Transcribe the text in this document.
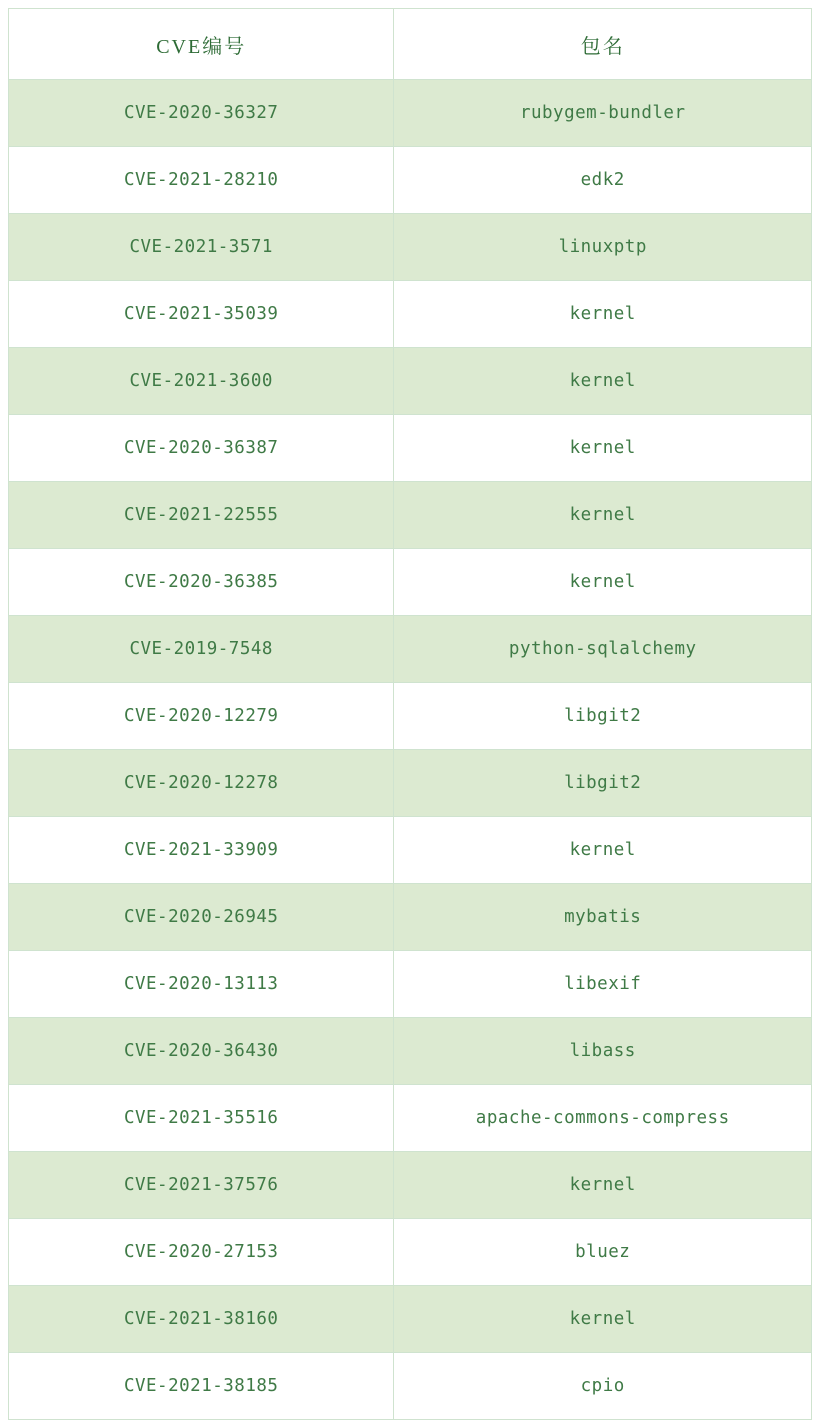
CVE编号	包名
CVE-2020-36327	rubygem-bundler
CVE-2021-28210	edk2
CVE-2021-3571	linuxptp
CVE-2021-35039	kernel
CVE-2021-3600	kernel
CVE-2020-36387	kernel
CVE-2021-22555	kernel
CVE-2020-36385	kernel
CVE-2019-7548	python-sqlalchemy
CVE-2020-12279	libgit2
CVE-2020-12278	libgit2
CVE-2021-33909	kernel
CVE-2020-26945	mybatis
CVE-2020-13113	libexif
CVE-2020-36430	libass
CVE-2021-35516	apache-commons-compress
CVE-2021-37576	kernel
CVE-2020-27153	bluez
CVE-2021-38160	kernel
CVE-2021-38185	cpio
